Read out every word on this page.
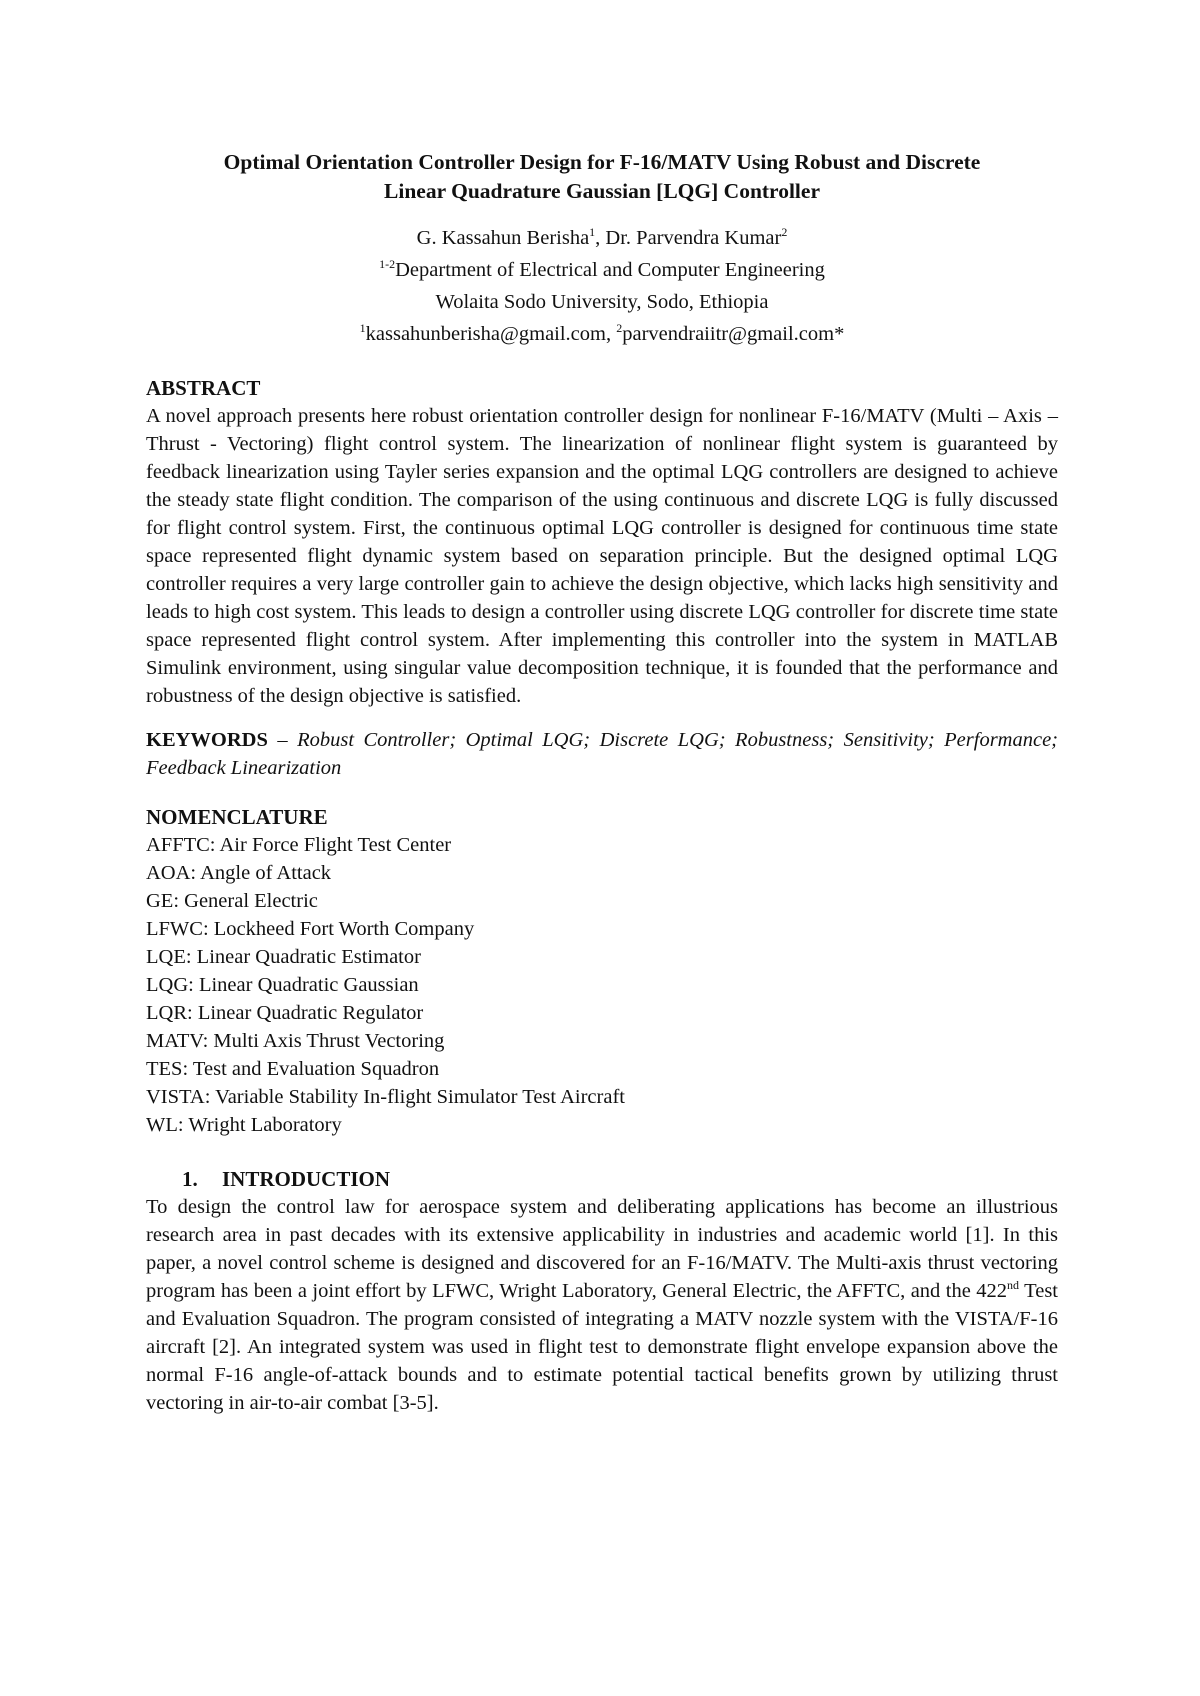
Optimal Orientation Controller Design for F-16/MATV Using Robust and Discrete
Linear Quadrature Gaussian [LQG] Controller
G. Kassahun Berisha$^1$, Dr. Parvendra Kumar$^2$
$^{1-2}$Department of Electrical and Computer Engineering
Wolaita Sodo University, Sodo, Ethiopia
$^1$kassahunberisha@gmail.com, $^2$parvendraiitr@gmail.com*
ABSTRACT

A novel approach presents here robust orientation controller design for nonlinear F-16/MATV (Multi – Axis – Thrust - Vectoring) flight control system. The linearization of nonlinear flight system is guaranteed by feedback linearization using Tayler series expansion and the optimal LQG controllers are designed to achieve the steady state flight condition. The comparison of the using continuous and discrete LQG is fully discussed for flight control system. First, the continuous optimal LQG controller is designed for continuous time state space represented flight dynamic system based on separation principle. But the designed optimal LQG controller requires a very large controller gain to achieve the design objective, which lacks high sensitivity and leads to high cost system. This leads to design a controller using discrete LQG controller for discrete time state space represented flight control system. After implementing this controller into the system in MATLAB Simulink environment, using singular value decomposition technique, it is founded that the performance and robustness of the design objective is satisfied.

KEYWORDS – Robust Controller; Optimal LQG; Discrete LQG; Robustness; Sensitivity; Performance; Feedback Linearization

NOMENCLATURE
AFFTC: Air Force Flight Test Center
AOA: Angle of Attack
GE: General Electric
LFWC: Lockheed Fort Worth Company
LQE: Linear Quadratic Estimator
LQG: Linear Quadratic Gaussian
LQR: Linear Quadratic Regulator
MATV: Multi Axis Thrust Vectoring
TES: Test and Evaluation Squadron
VISTA: Variable Stability In-flight Simulator Test Aircraft
WL: Wright Laboratory
1. INTRODUCTION

To design the control law for aerospace system and deliberating applications has become an illustrious research area in past decades with its extensive applicability in industries and academic world [1]. In this paper, a novel control scheme is designed and discovered for an F-16/MATV. The Multi-axis thrust vectoring program has been a joint effort by LFWC, Wright Laboratory, General Electric, the AFFTC, and the 422nd Test and Evaluation Squadron. The program consisted of integrating a MATV nozzle system with the VISTA/F-16 aircraft [2]. An integrated system was used in flight test to demonstrate flight envelope expansion above the normal F-16 angle-of-attack bounds and to estimate potential tactical benefits grown by utilizing thrust vectoring in air-to-air combat [3-5].
